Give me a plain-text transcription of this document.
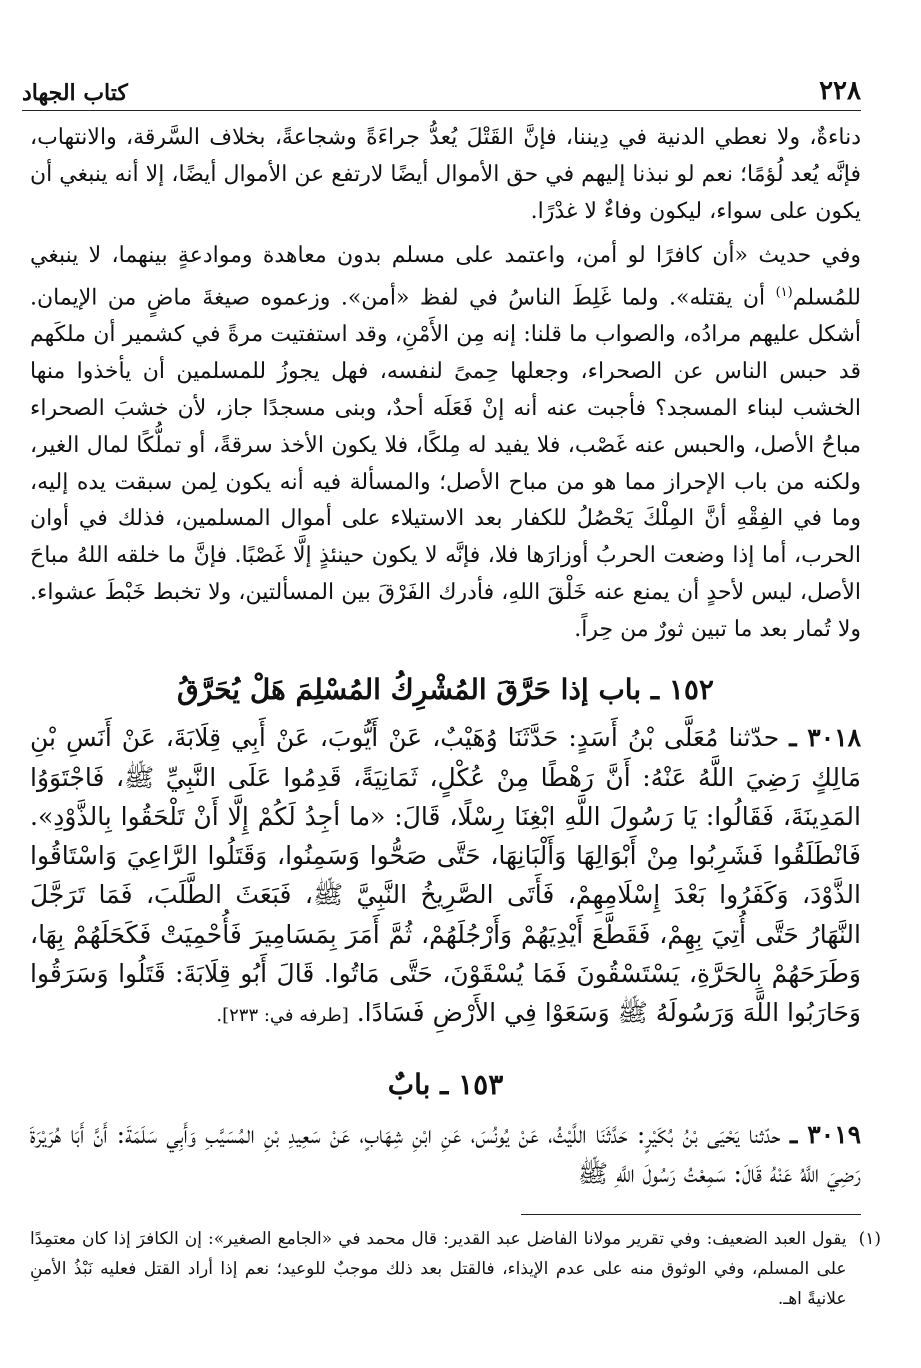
٢٢٨
كتاب الجهاد

دناءةٌ، ولا نعطي الدنية في دِيننا، فإنَّ القَتْلَ يُعدُّ جراءَةً وشجاعةً، بخلاف السَّرقة، والانتهاب، فإنَّه يُعد لُؤمًا؛ نعم لو نبذنا إليهم في حق الأموال أيضًا لارتفع عن الأموال أيضًا، إلا أنه ينبغي أن يكون على سواء، ليكون وفاءٌ لا غدْرًا.

وفي حديث «أن كافرًا لو أمن، واعتمد على مسلم بدون معاهدة وموادعةٍ بينهما، لا ينبغي للمُسلم$^{(١)}$ أن يقتله». ولما غَلِطَ الناسُ في لفظ «أمن». وزعموه صيغةَ ماضٍ من الإيمان. أشكل عليهم مرادُه، والصواب ما قلنا: إنه مِن الأَمْنِ، وقد استفتيت مرةً في كشمير أن ملكَهم قد حبس الناس عن الصحراء، وجعلها حِمىً لنفسه، فهل يجوزُ للمسلمين أن يأخذوا منها الخشب لبناء المسجد؟ فأجبت عنه أنه إنْ فَعَلَه أحدٌ، وبنى مسجدًا جاز، لأن خشبَ الصحراء مباحُ الأصل، والحبس عنه غَصْب، فلا يفيد له مِلكًا، فلا يكون الأخذ سرقةً، أو تملُّكًا لمال الغير، ولكنه من باب الإحراز مما هو من مباح الأصل؛ والمسألة فيه أنه يكون لِمن سبقت يده إليه، وما في الفِقْهِ أنَّ المِلْكَ يَحْصُلُ للكفار بعد الاستيلاء على أموال المسلمين، فذلك في أوان الحرب، أما إذا وضعت الحربُ أوزارَها فلا، فإنَّه لا يكون حينئذٍ إلَّا غَصْبًا. فإنَّ ما خلقه اللهُ مباحَ الأصل، ليس لأحدٍ أن يمنع عنه خَلْقَ اللهِ، فأدرك الفَرْقَ بين المسألتين، ولا تخبط خَبْطَ عشواء. ولا تُمار بعد ما تبين ثورٌ من حِراً.

١٥٢ ـ باب إذا حَرَّقَ المُشْرِكُ المُسْلِمَ هَلْ يُحَرَّقُ

٣٠١٨ ـ حدّثنا مُعَلَّى بْنُ أَسَدٍ: حَدَّثَنَا وُهَيْبٌ، عَنْ أَيُّوبَ، عَنْ أَبِي قِلَابَةَ، عَنْ أَنَسِ بْنِ مَالِكٍ رَضِيَ اللَّهُ عَنْهُ: أَنَّ رَهْطًا مِنْ عُكْلٍ، ثَمَانِيَةً، قَدِمُوا عَلَى النَّبِيِّ ﷺ، فَاجْتَوَوُا المَدِينَةَ، فَقَالُوا: يَا رَسُولَ اللَّهِ ابْغِنَا رِسْلًا، قَالَ: «ما أجِدُ لَكُمْ إِلَّا أَنْ تَلْحَقُوا بِالذَّوْدِ». فَانْطَلَقُوا فَشَرِبُوا مِنْ أَبْوَالِهَا وَأَلْبَانِهَا، حَتَّى صَحُّوا وَسَمِنُوا، وَقَتَلُوا الرَّاعِيَ وَاسْتَاقُوا الذَّوْدَ، وَكَفَرُوا بَعْدَ إِسْلَامِهِمْ، فَأَتَى الصَّرِيخُ النَّبِيَّ ﷺ، فَبَعَثَ الطَّلَبَ، فَمَا تَرَجَّلَ النَّهَارُ حَتَّى أُتِيَ بِهِمْ، فَقَطَّعَ أَيْدِيَهُمْ وَأَرْجُلَهُمْ، ثُمَّ أَمَرَ بِمَسَامِيرَ فَأُحْمِيَتْ فَكَحَلَهُمْ بِهَا، وَطَرَحَهُمْ بِالحَرَّةِ، يَسْتَسْقُونَ فَمَا يُسْقَوْنَ، حَتَّى مَاتُوا. قَالَ أَبُو قِلَابَةَ: قَتَلُوا وَسَرَقُوا وَحَارَبُوا اللَّهَ وَرَسُولَهُ ﷺ وَسَعَوْا فِي الأَرْضِ فَسَادًا. [طرفه في: ٢٣٣].

١٥٣ ـ بابٌ

٣٠١٩ ـ حدّثنا يَحْيَى بْنُ بُكَيْرٍ: حَدَّثَنَا اللَّيْثُ، عَنْ يُونُسَ، عَنِ ابْنِ شِهَابٍ، عَنْ سَعِيدِ بْنِ المُسَيَّبِ وَأَبِي سَلَمَةَ: أَنَّ أَبَا هُرَيْرَةَ رَضِيَ اللَّهُ عَنْهُ قَالَ: سَمِعْتُ رَسُولَ اللَّهِ ﷺ

(١)
يقول العبد الضعيف: وفي تقرير مولانا الفاضل عبد القدير: قال محمد في «الجامع الصغير»: إن الكافرَ إذا كان معتمِدًا على المسلم، وفي الوثوق منه على عدم الإيذاء، فالقتل بعد ذلك موجبٌ للوعيد؛ نعم إذا أراد القتل فعليه نَبْذُ الأمنِ علانيةً اهـ.
